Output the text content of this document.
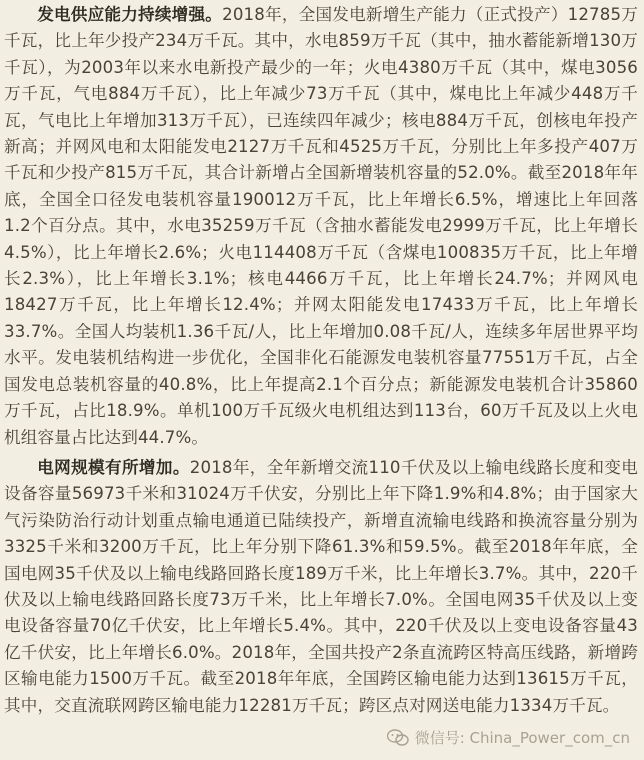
发电供应能力持续增强。2018年，全国发电新增生产能力（正式投产）12785万千瓦，比上年少投产234万千瓦。其中，水电859万千瓦（其中，抽水蓄能新增130万千瓦），为2003年以来水电新投产最少的一年；火电4380万千瓦（其中，煤电3056万千瓦，气电884万千瓦），比上年减少73万千瓦（其中，煤电比上年减少448万千瓦，气电比上年增加313万千瓦），已连续四年减少；核电884万千瓦，创核电年投产新高；并网风电和太阳能发电2127万千瓦和4525万千瓦，分别比上年多投产407万千瓦和少投产815万千瓦，其合计新增占全国新增装机容量的52.0%。截至2018年年底，全国全口径发电装机容量190012万千瓦，比上年增长6.5%，增速比上年回落1.2个百分点。其中，水电35259万千瓦（含抽水蓄能发电2999万千瓦，比上年增长4.5%），比上年增长2.6%；火电114408万千瓦（含煤电100835万千瓦，比上年增长2.3%），比上年增长3.1%；核电4466万千瓦，比上年增长24.7%；并网风电18427万千瓦，比上年增长12.4%；并网太阳能发电17433万千瓦，比上年增长33.7%。全国人均装机1.36千瓦/人，比上年增加0.08千瓦/人，连续多年居世界平均水平。发电装机结构进一步优化，全国非化石能源发电装机容量77551万千瓦，占全国发电总装机容量的40.8%，比上年提高2.1个百分点；新能源发电装机合计35860万千瓦，占比18.9%。单机100万千瓦级火电机组达到113台，60万千瓦及以上火电机组容量占比达到44.7%。

电网规模有所增加。2018年，全年新增交流110千伏及以上输电线路长度和变电设备容量56973千米和31024万千伏安，分别比上年下降1.9%和4.8%；由于国家大气污染防治行动计划重点输电通道已陆续投产，新增直流输电线路和换流容量分别为3325千米和3200万千瓦，比上年分别下降61.3%和59.5%。截至2018年年底，全国电网35千伏及以上输电线路回路长度189万千米，比上年增长3.7%。其中，220千伏及以上输电线路回路长度73万千米，比上年增长7.0%。全国电网35千伏及以上变电设备容量70亿千伏安，比上年增长5.4%。其中，220千伏及以上变电设备容量43亿千伏安，比上年增长6.0%。2018年，全国共投产2条直流跨区特高压线路，新增跨区输电能力1500万千瓦。截至2018年年底，全国跨区输电能力达到13615万千瓦，其中，交直流联网跨区输电能力12281万千瓦；跨区点对网送电能力1334万千瓦。

微信号: China_Power_com_cn
